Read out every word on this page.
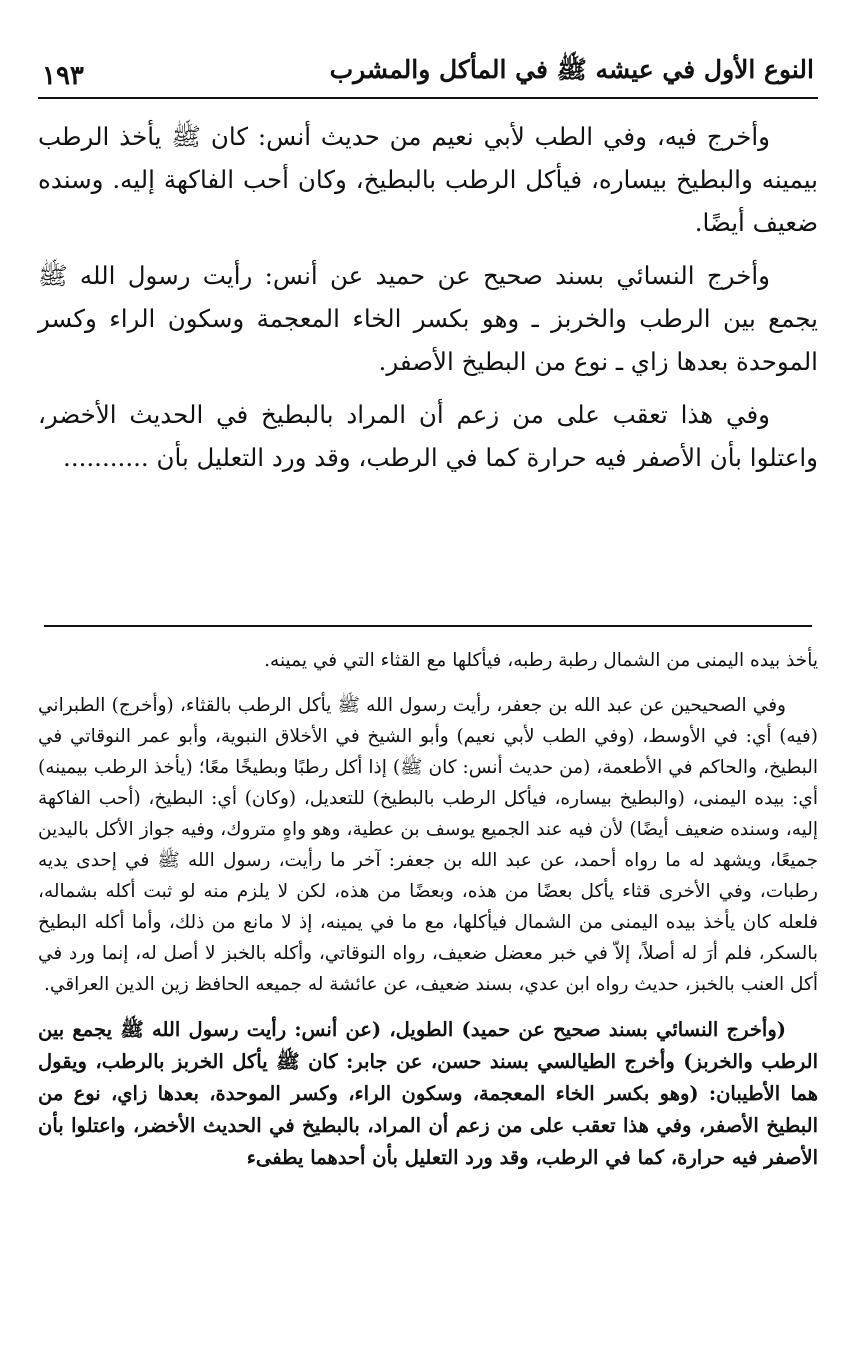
النوع الأول في عيشه ﷺ في المأكل والمشرب
١٩٣

وأخرج فيه، وفي الطب لأبي نعيم من حديث أنس: كان ﷺ يأخذ الرطب بيمينه والبطيخ بيساره، فيأكل الرطب بالبطيخ، وكان أحب الفاكهة إليه. وسنده ضعيف أيضًا.

وأخرج النسائي بسند صحيح عن حميد عن أنس: رأيت رسول الله ﷺ يجمع بين الرطب والخربز ـ وهو بكسر الخاء المعجمة وسكون الراء وكسر الموحدة بعدها زاي ـ نوع من البطيخ الأصفر.

وفي هذا تعقب على من زعم أن المراد بالبطيخ في الحديث الأخضر، واعتلوا بأن الأصفر فيه حرارة كما في الرطب، وقد ورد التعليل بأن ...........

يأخذ بيده اليمنى من الشمال رطبة رطبه، فيأكلها مع القثاء التي في يمينه.

وفي الصحيحين عن عبد الله بن جعفر، رأيت رسول الله ﷺ يأكل الرطب بالقثاء، (وأخرج) الطبراني (فيه) أي: في الأوسط، (وفي الطب لأبي نعيم) وأبو الشيخ في الأخلاق النبوية، وأبو عمر النوقاتي في البطيخ، والحاكم في الأطعمة، (من حديث أنس: كان ﷺ) إذا أكل رطبًا وبطيخًا معًا؛ (يأخذ الرطب بيمينه) أي: بيده اليمنى، (والبطيخ بيساره، فيأكل الرطب بالبطيخ) للتعديل، (وكان) أي: البطيخ، (أحب الفاكهة إليه، وسنده ضعيف أيضًا) لأن فيه عند الجميع يوسف بن عطية، وهو واهٍ متروك، وفيه جواز الأكل باليدين جميعًا، ويشهد له ما رواه أحمد، عن عبد الله بن جعفر: آخر ما رأيت، رسول الله ﷺ في إحدى يديه رطبات، وفي الأخرى قثاء يأكل بعضًا من هذه، وبعضًا من هذه، لكن لا يلزم منه لو ثبت أكله بشماله، فلعله كان يأخذ بيده اليمنى من الشمال فيأكلها، مع ما في يمينه، إذ لا مانع من ذلك، وأما أكله البطيخ بالسكر، فلم أرَ له أصلاً، إلاّ في خبر معضل ضعيف، رواه النوقاتي، وأكله بالخبز لا أصل له، إنما ورد في أكل العنب بالخبز، حديث رواه ابن عدي، بسند ضعيف، عن عائشة له جميعه الحافظ زين الدين العراقي.

(وأخرج النسائي بسند صحيح عن حميد) الطويل، (عن أنس: رأيت رسول الله ﷺ يجمع بين الرطب والخربز) وأخرج الطيالسي بسند حسن، عن جابر: كان ﷺ يأكل الخربز بالرطب، ويقول هما الأطيبان: (وهو بكسر الخاء المعجمة، وسكون الراء، وكسر الموحدة، بعدها زاي، نوع من البطيخ الأصفر، وفي هذا تعقب على من زعم أن المراد، بالبطيخ في الحديث الأخضر، واعتلوا بأن الأصفر فيه حرارة، كما في الرطب، وقد ورد التعليل بأن أحدهما يطفىء
